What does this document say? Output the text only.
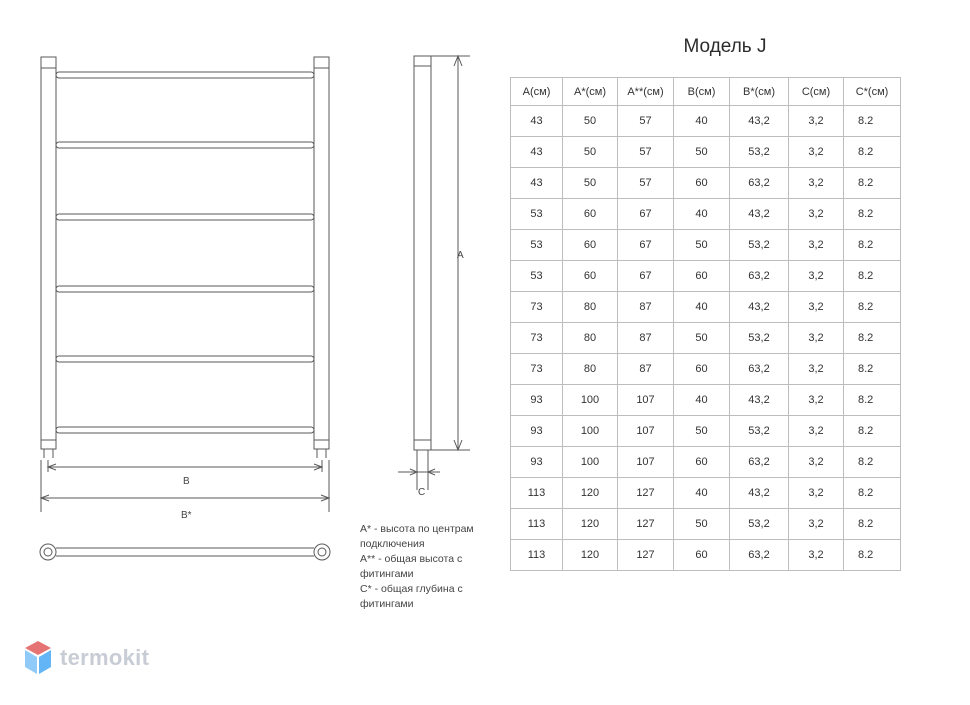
B
B*
A
C
Модель J
A(см)	A*(см)	A**(см)	B(см)	B*(см)	C(см)	C*(см)
43	50	57	40	43,2	3,2	8.2
43	50	57	50	53,2	3,2	8.2
43	50	57	60	63,2	3,2	8.2
53	60	67	40	43,2	3,2	8.2
53	60	67	50	53,2	3,2	8.2
53	60	67	60	63,2	3,2	8.2
73	80	87	40	43,2	3,2	8.2
73	80	87	50	53,2	3,2	8.2
73	80	87	60	63,2	3,2	8.2
93	100	107	40	43,2	3,2	8.2
93	100	107	50	53,2	3,2	8.2
93	100	107	60	63,2	3,2	8.2
113	120	127	40	43,2	3,2	8.2
113	120	127	50	53,2	3,2	8.2
113	120	127	60	63,2	3,2	8.2
A* - высота по центрам
подключения
A** - общая высота с
фитингами
C* - общая глубина с
фитингами
termokit
